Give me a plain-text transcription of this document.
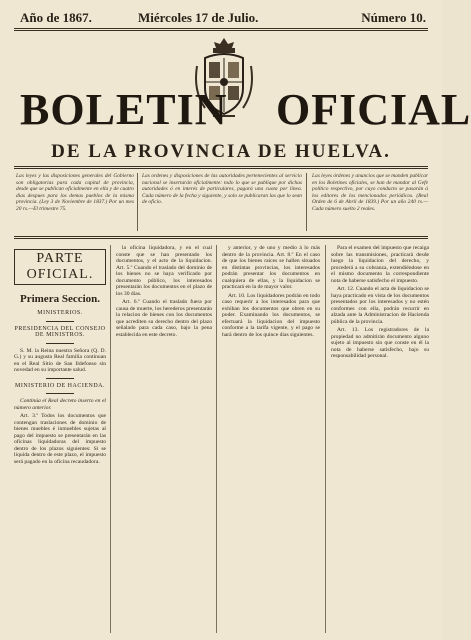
Año de 1867.	Miércoles 17 de Julio.	Número 10.
BOLETIN OFICIAL
DE LA PROVINCIA DE HUELVA.
Las leyes y las disposiciones generales del Gobierno son obligatorias para cada capital de provincia, desde que se publican oficialmente en ella y de cuatro dias despues para los demas pueblos de la misma provincia. (Ley 3 de Noviembre de 1837.) Por un mes 20 rs.—El trimestre 75.
Las ordenes y disposiciones de las autoridades pertenecientes al servicio nacional se insertarán oficialmente: todo lo que se publique por dichas autoridades ó en interés de particulares, pagará una cuota por línea. Cada número de la fecha y siguiente, y solo se publicaran las que lo sean de oficio.
Las leyes órdenes y anuncios que se manden publicar en los Boletines oficiales, se han de mandar al Gefe político respectivo, por cuyo conducto se pasarán á los editores de los mencionados periódicos. (Real Orden de 6 de Abril de 1839.) Por un año 240 rs.—Cada número suelto 2 reales.
PARTE OFICIAL.
Primera Seccion.
MINISTERIOS.
PRESIDENCIA DEL CONSEJO DE MINISTROS.

S. M. la Reina nuestra Señora (Q. D. G.) y su augusta Real familia continuan en el Real Sitio de San Ildefonso sin novedad en su importante salud.

MINISTERIO DE HACIENDA.

Continúa el Real decreto inserto en el número anterior.

Art. 3.º Todos los documentos que contengan traslaciones de dominio de bienes muebles é inmuebles sujetas al pago del impuesto se presentarán en las oficinas liquidadoras del impuesto dentro de los plazos siguientes: Si se liquida dentro de este plazo, el impuesto será pagado en la oficina recaudadora.

la oficina liquidadora, y en el cual conste que se han presentado los documentos, y el acto de la liquidacion. Art. 5.º Cuando el traslado del dominio de los bienes no se haya verificado por documento público, los interesados presentarán los documentos en el plazo de los 30 dias.

Art. 6.º Cuando el traslado fuera por causa de muerte, los herederos presentarán la relacion de bienes con los documentos que acrediten su derecho dentro del plazo señalado para cada caso, bajo la pena establecida en este decreto.

y anterior, y de uno y medio á lo más dentro de la provincia. Art. 8.º En el caso de que los bienes raíces se hallen situados en distintas provincias, los interesados podrán presentar los documentos en cualquiera de ellas, y la liquidacion se practicará en la de mayor valor.

Art. 10. Los liquidadores podrán en todo caso requerir a los interesados para que exhiban los documentos que obren en su poder. Examinando los documentos, se efectuará la liquidacion del impuesto conforme a la tarifa vigente, y el pago se hará dentro de los quince dias siguientes.

Para el examen del impuesto que recaiga sobre las transmisiones, practicará desde luego la liquidacion del derecho, y procederá a su cobranza, extendiéndose en el mismo documento la correspondiente nota de haberse satisfecho el impuesto.

Art. 12. Cuando el acta de liquidacion se haya practicado en vista de los documentos presentados por los interesados y no estén conformes con ella, podrán recurrir en alzada ante la Administracion de Hacienda pública de la provincia.

Art. 13. Los registradores de la propiedad no admitirán documento alguno sujeto al impuesto sin que conste en él la nota de haberse satisfecho, bajo su responsabilidad personal.
